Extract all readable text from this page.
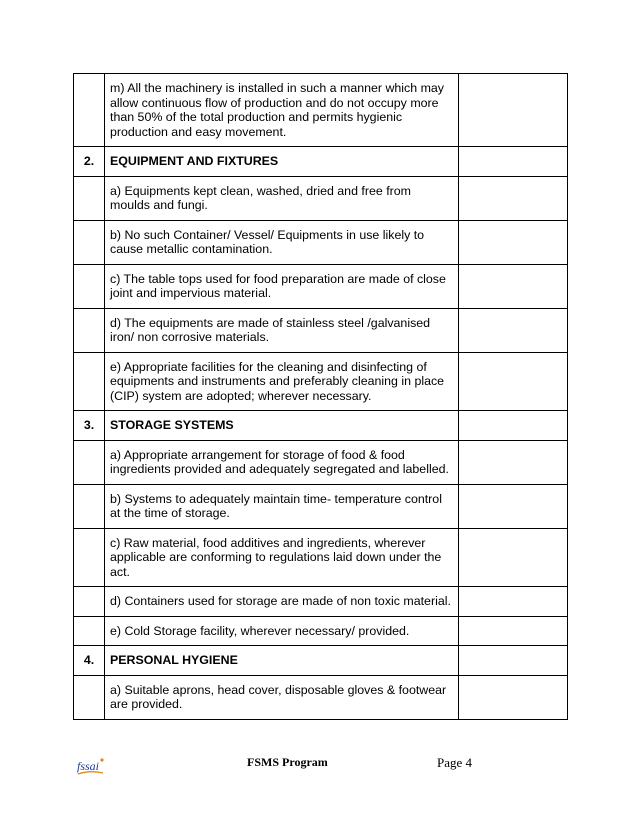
	m) All the machinery is installed in such a manner which may allow continuous flow of production and do not occupy more than 50% of the total production and permits hygienic production and easy movement.	
2.	EQUIPMENT AND FIXTURES	
	a) Equipments kept clean, washed, dried and free from moulds and fungi.	
	b) No such Container/ Vessel/ Equipments in use likely to cause metallic contamination.	
	c) The table tops used for food preparation are made of close joint and impervious material.	
	d) The equipments are made of stainless steel /galvanised iron/ non corrosive materials.	
	e) Appropriate facilities for the cleaning and disinfecting of equipments and instruments and preferably cleaning in place (CIP) system are adopted; wherever necessary.	
3.	STORAGE SYSTEMS	
	a) Appropriate arrangement for storage of food & food ingredients provided and adequately segregated and labelled.	
	b) Systems to adequately maintain time- temperature control at the time of storage.	
	c) Raw material, food additives and ingredients, wherever applicable are conforming to regulations laid down under the act.	
	d) Containers used for storage are made of non toxic material.	
	e) Cold Storage facility, wherever necessary/ provided.	
4.	PERSONAL HYGIENE	
	a) Suitable aprons, head cover, disposable gloves & footwear are provided.	
fssai	FSMS Program	Page 4
